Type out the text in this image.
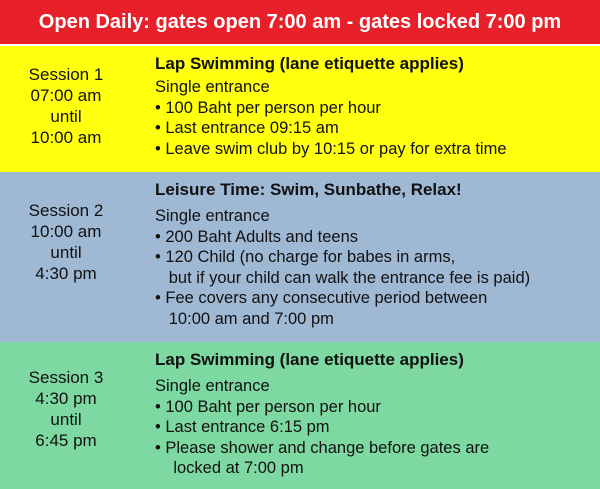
Open Daily: gates open 7:00 am - gates locked 7:00 pm
Session 1
07:00 am
until
10:00 am
Lap Swimming (lane etiquette applies)
Single entrance
• 100 Baht per person per hour
• Last entrance 09:15 am
• Leave swim club by 10:15 or pay for extra time
Session 2
10:00 am
until
4:30 pm
Leisure Time: Swim, Sunbathe, Relax!
Single entrance
• 200 Baht Adults and teens
• 120 Child (no charge for babes in arms,
but if your child can walk the entrance fee is paid)
• Fee covers any consecutive period between
10:00 am and 7:00 pm
Session 3
4:30 pm
until
6:45 pm
Lap Swimming (lane etiquette applies)
Single entrance
• 100 Baht per person per hour
• Last entrance 6:15 pm
• Please shower and change before gates are
locked at 7:00 pm
